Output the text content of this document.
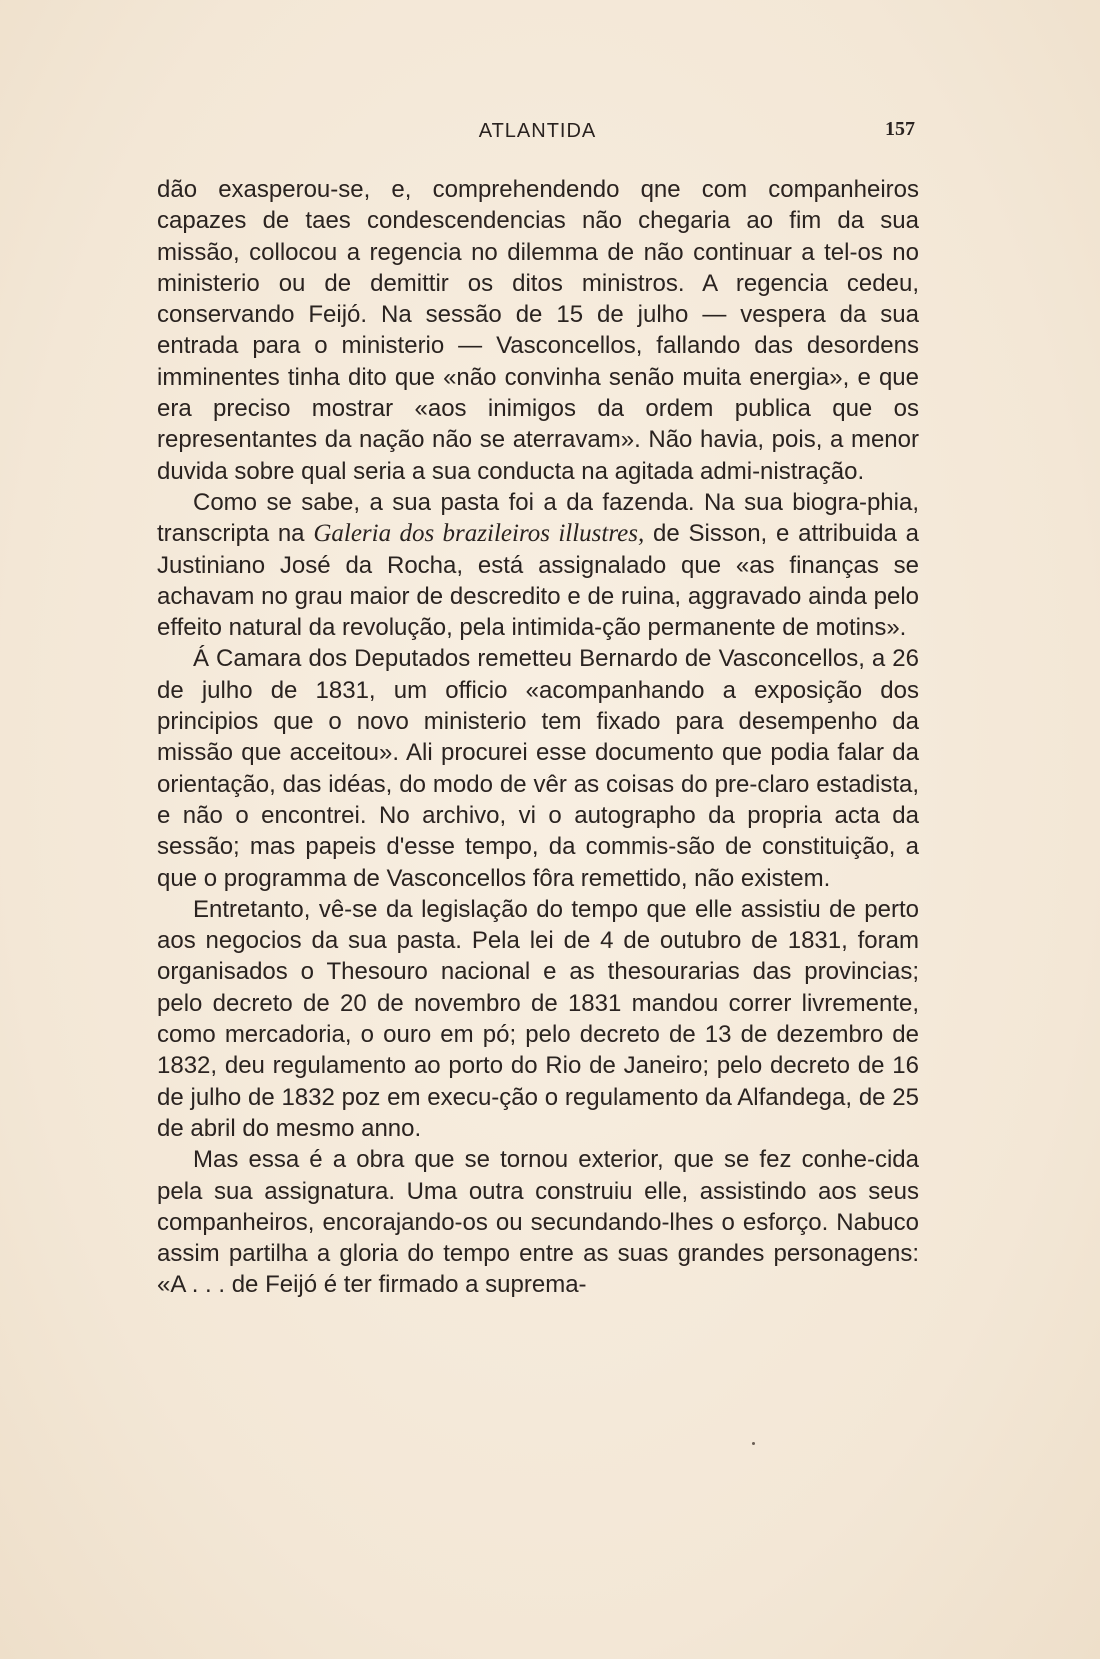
ATLANTIDA	157

dão exasperou-se, e, comprehendendo qne com companheiros capazes de taes condescendencias não chegaria ao fim da sua missão, collocou a regencia no dilemma de não continuar a tel-os no ministerio ou de demittir os ditos ministros. A regencia cedeu, conservando Feijó. Na sessão de 15 de julho — vespera da sua entrada para o ministerio — Vasconcellos, fallando das desordens imminentes tinha dito que «não convinha senão muita energia», e que era preciso mostrar «aos inimigos da ordem publica que os representantes da nação não se aterravam». Não havia, pois, a menor duvida sobre qual seria a sua conducta na agitada admi-nistração.

Como se sabe, a sua pasta foi a da fazenda. Na sua biogra-phia, transcripta na Galeria dos brazileiros illustres, de Sisson, e attribuida a Justiniano José da Rocha, está assignalado que «as finanças se achavam no grau maior de descredito e de ruina, aggravado ainda pelo effeito natural da revolução, pela intimida-ção permanente de motins».

Á Camara dos Deputados remetteu Bernardo de Vasconcellos, a 26 de julho de 1831, um officio «acompanhando a exposição dos principios que o novo ministerio tem fixado para desempenho da missão que acceitou». Ali procurei esse documento que podia falar da orientação, das idéas, do modo de vêr as coisas do pre-claro estadista, e não o encontrei. No archivo, vi o autographo da propria acta da sessão; mas papeis d'esse tempo, da commis-são de constituição, a que o programma de Vasconcellos fôra remettido, não existem.

Entretanto, vê-se da legislação do tempo que elle assistiu de perto aos negocios da sua pasta. Pela lei de 4 de outubro de 1831, foram organisados o Thesouro nacional e as thesourarias das provincias; pelo decreto de 20 de novembro de 1831 mandou correr livremente, como mercadoria, o ouro em pó; pelo decreto de 13 de dezembro de 1832, deu regulamento ao porto do Rio de Janeiro; pelo decreto de 16 de julho de 1832 poz em execu-ção o regulamento da Alfandega, de 25 de abril do mesmo anno.

Mas essa é a obra que se tornou exterior, que se fez conhe-cida pela sua assignatura. Uma outra construiu elle, assistindo aos seus companheiros, encorajando-os ou secundando-lhes o esforço. Nabuco assim partilha a gloria do tempo entre as suas grandes personagens: «A . . . de Feijó é ter firmado a suprema-
